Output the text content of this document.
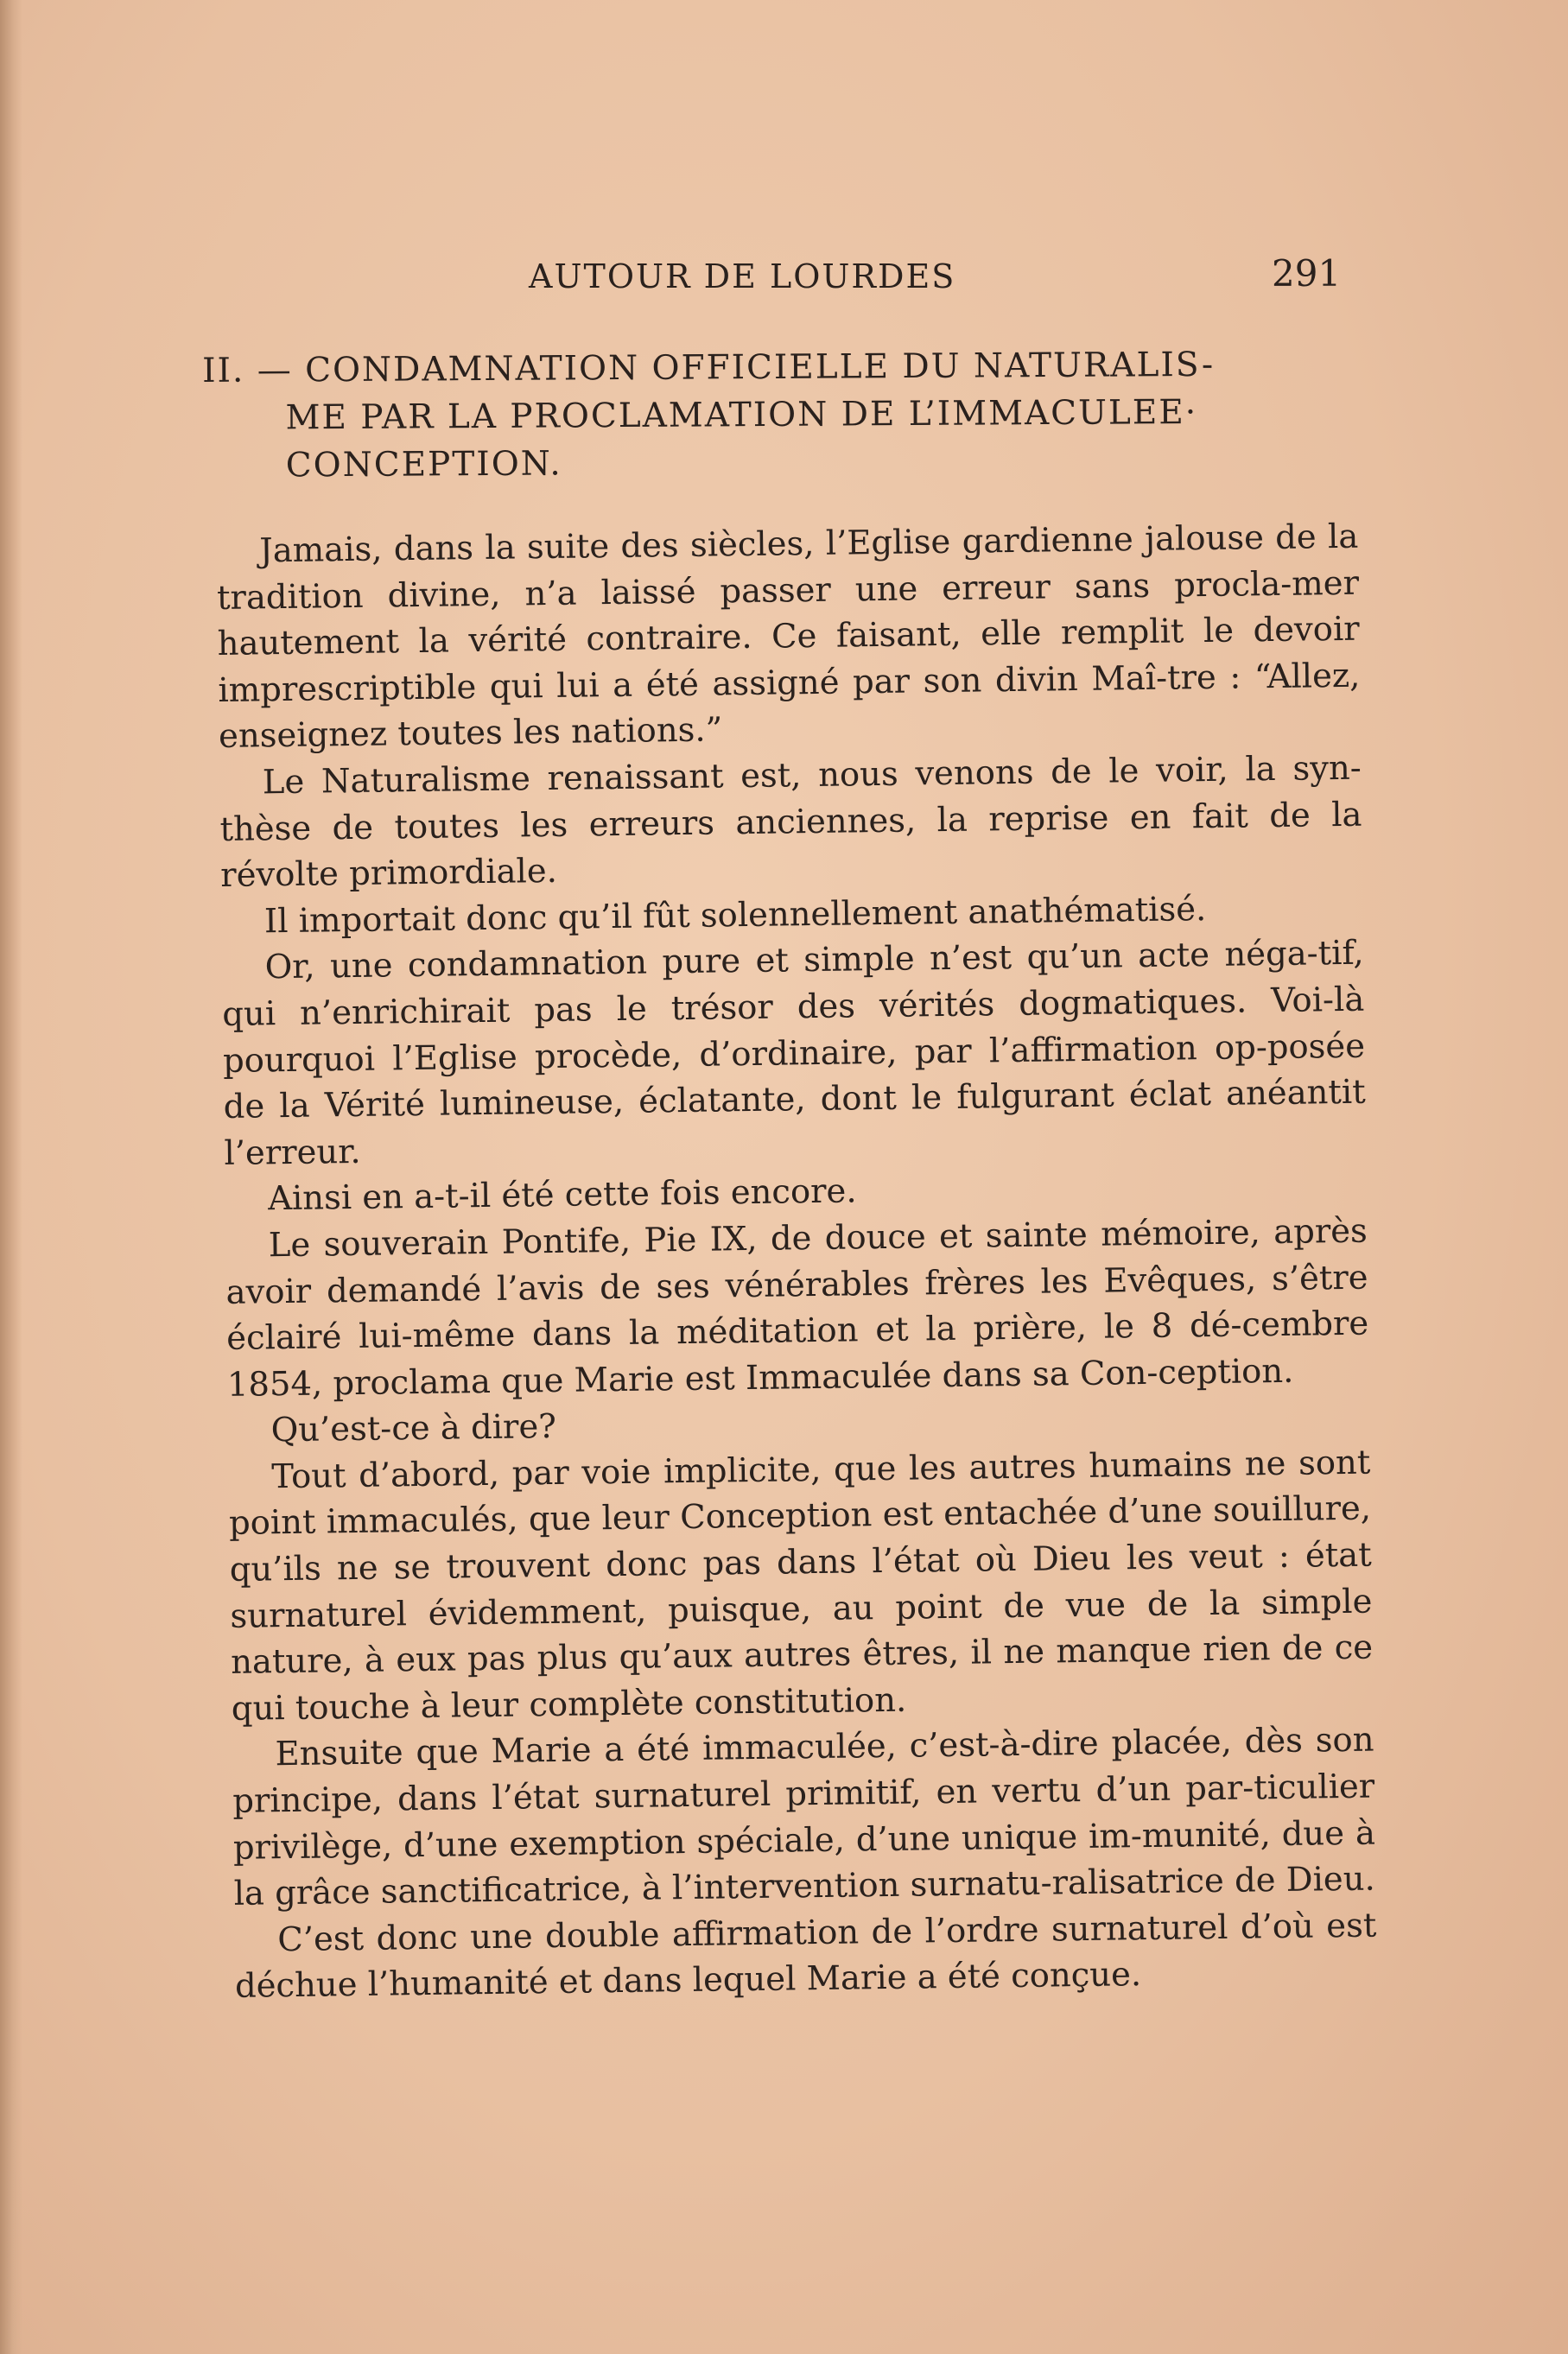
AUTOUR DE LOURDES	291
II. — CONDAMNATION OFFICIELLE DU NATURALIS-
ME PAR LA PROCLAMATION DE L’IMMACULEE·
CONCEPTION.

Jamais, dans la suite des siècles, l’Eglise gardienne jalouse de la tradition divine, n’a laissé passer une erreur sans procla-mer hautement la vérité contraire. Ce faisant, elle remplit le devoir imprescriptible qui lui a été assigné par son divin Maî-tre : “Allez, enseignez toutes les nations.”

Le Naturalisme renaissant est, nous venons de le voir, la syn-thèse de toutes les erreurs anciennes, la reprise en fait de la révolte primordiale.

Il importait donc qu’il fût solennellement anathématisé.

Or, une condamnation pure et simple n’est qu’un acte néga-tif, qui n’enrichirait pas le trésor des vérités dogmatiques. Voi-là pourquoi l’Eglise procède, d’ordinaire, par l’affirmation op-posée de la Vérité lumineuse, éclatante, dont le fulgurant éclat anéantit l’erreur.

Ainsi en a-t-il été cette fois encore.

Le souverain Pontife, Pie IX, de douce et sainte mémoire, après avoir demandé l’avis de ses vénérables frères les Evêques, s’être éclairé lui-même dans la méditation et la prière, le 8 dé-cembre 1854, proclama que Marie est Immaculée dans sa Con-ception.

Qu’est-ce à dire?

Tout d’abord, par voie implicite, que les autres humains ne sont point immaculés, que leur Conception est entachée d’une souillure, qu’ils ne se trouvent donc pas dans l’état où Dieu les veut : état surnaturel évidemment, puisque, au point de vue de la simple nature, à eux pas plus qu’aux autres êtres, il ne manque rien de ce qui touche à leur complète constitution.

Ensuite que Marie a été immaculée, c’est-à-dire placée, dès son principe, dans l’état surnaturel primitif, en vertu d’un par-ticulier privilège, d’une exemption spéciale, d’une unique im-munité, due à la grâce sanctificatrice, à l’intervention surnatu-ralisatrice de Dieu.

C’est donc une double affirmation de l’ordre surnaturel d’où est déchue l’humanité et dans lequel Marie a été conçue.
